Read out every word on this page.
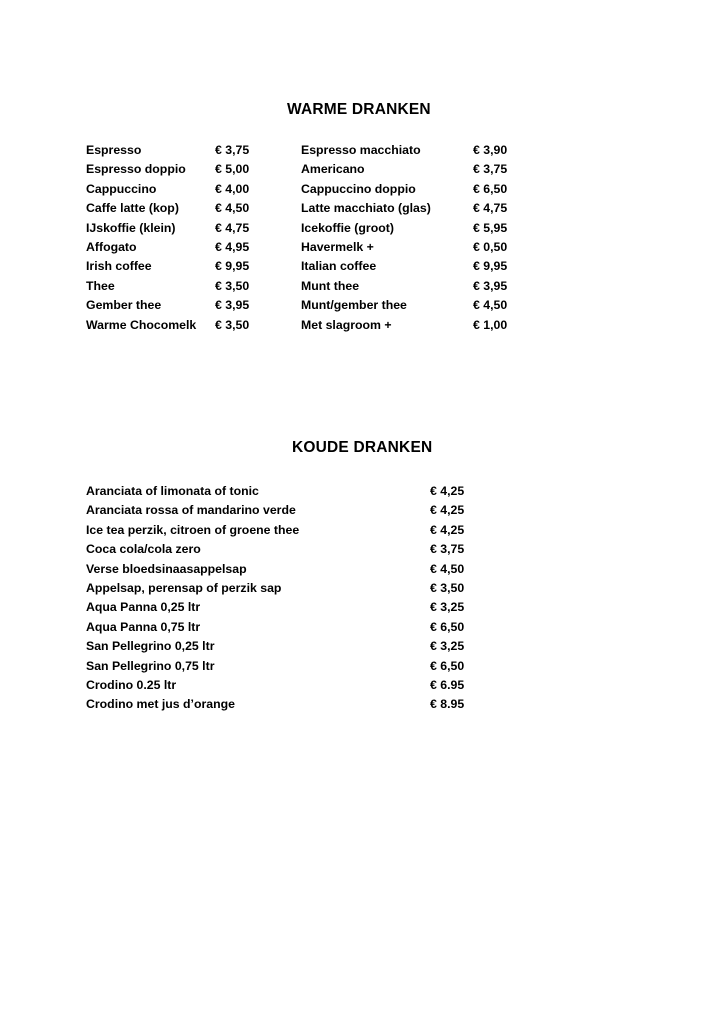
WARME DRANKEN
Espresso	€ 3,75	Espresso macchiato	€ 3,90
Espresso doppio € 5,00	Americano	€ 3,75
Cappuccino	€ 4,00	Cappuccino doppio	€ 6,50
Caffe latte (kop)	€ 4,50	Latte macchiato (glas)	€ 4,75
IJskoffie (klein)	€ 4,75	Icekoffie (groot)	€ 5,95
Affogato	€ 4,95	Havermelk +	€ 0,50
Irish coffee	€ 9,95	Italian coffee	€ 9,95
Thee	€ 3,50	Munt thee	€ 3,95
Gember thee	€ 3,95	Munt/gember thee	€ 4,50
Warme Chocomelk € 3,50	Met slagroom +	€ 1,00
KOUDE DRANKEN
Aranciata of limonata of tonic	€ 4,25
Aranciata rossa of mandarino verde	€ 4,25
Ice tea perzik, citroen of groene thee	€ 4,25
Coca cola/cola zero	€ 3,75
Verse bloedsinaasappelsap	€ 4,50
Appelsap, perensap of perzik sap	€ 3,50
Aqua Panna 0,25 ltr	€ 3,25
Aqua Panna 0,75 ltr	€ 6,50
San Pellegrino 0,25 ltr	€ 3,25
San Pellegrino 0,75 ltr	€ 6,50
Crodino 0.25 ltr	€ 6.95
Crodino met jus d’orange	€ 8.95
